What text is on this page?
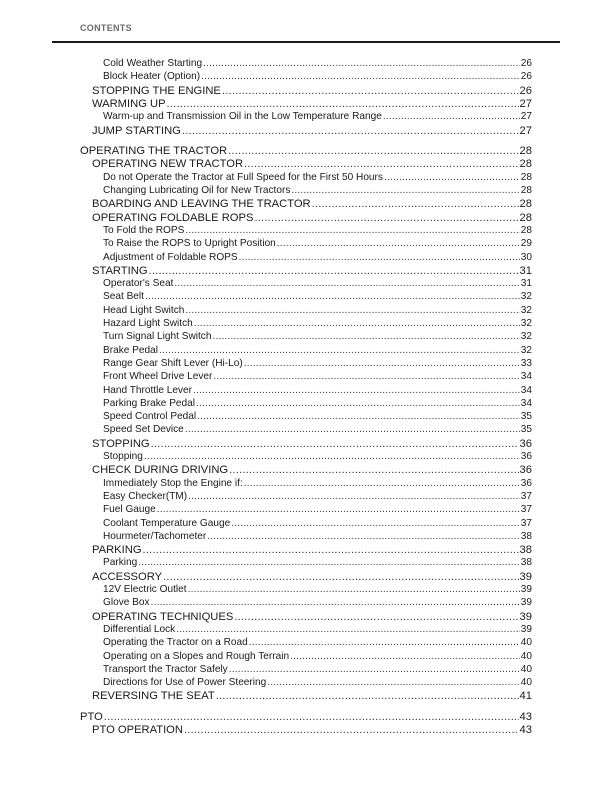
CONTENTS
Cold Weather Starting .....	26
Block Heater (Option) .....	26
STOPPING THE ENGINE .....	26
WARMING UP .....	27
Warm-up and Transmission Oil in the Low Temperature Range .....	27
JUMP STARTING .....	27
OPERATING THE TRACTOR .....	28
OPERATING NEW TRACTOR .....	28
Do not Operate the Tractor at Full Speed for the First 50 Hours .....	28
Changing Lubricating Oil for New Tractors .....	28
BOARDING AND LEAVING THE TRACTOR .....	28
OPERATING FOLDABLE ROPS .....	28
To Fold the ROPS .....	28
To Raise the ROPS to Upright Position .....	29
Adjustment of Foldable ROPS .....	30
STARTING .....	31
Operator's Seat .....	31
Seat Belt .....	32
Head Light Switch .....	32
Hazard Light Switch .....	32
Turn Signal Light Switch .....	32
Brake Pedal .....	32
Range Gear Shift Lever (Hi-Lo) .....	33
Front Wheel Drive Lever .....	34
Hand Throttle Lever .....	34
Parking Brake Pedal .....	34
Speed Control Pedal .....	35
Speed Set Device .....	35
STOPPING .....	36
Stopping .....	36
CHECK DURING DRIVING .....	36
Immediately Stop the Engine if: .....	36
Easy Checker(TM) .....	37
Fuel Gauge .....	37
Coolant Temperature Gauge .....	37
Hourmeter/Tachometer .....	38
PARKING .....	38
Parking .....	38
ACCESSORY .....	39
12V Electric Outlet .....	39
Glove Box .....	39
OPERATING TECHNIQUES .....	39
Differential Lock .....	39
Operating the Tractor on a Road .....	40
Operating on a Slopes and Rough Terrain .....	40
Transport the Tractor Safely .....	40
Directions for Use of Power Steering .....	40
REVERSING THE SEAT .....	41
PTO .....	43
PTO OPERATION .....	43
